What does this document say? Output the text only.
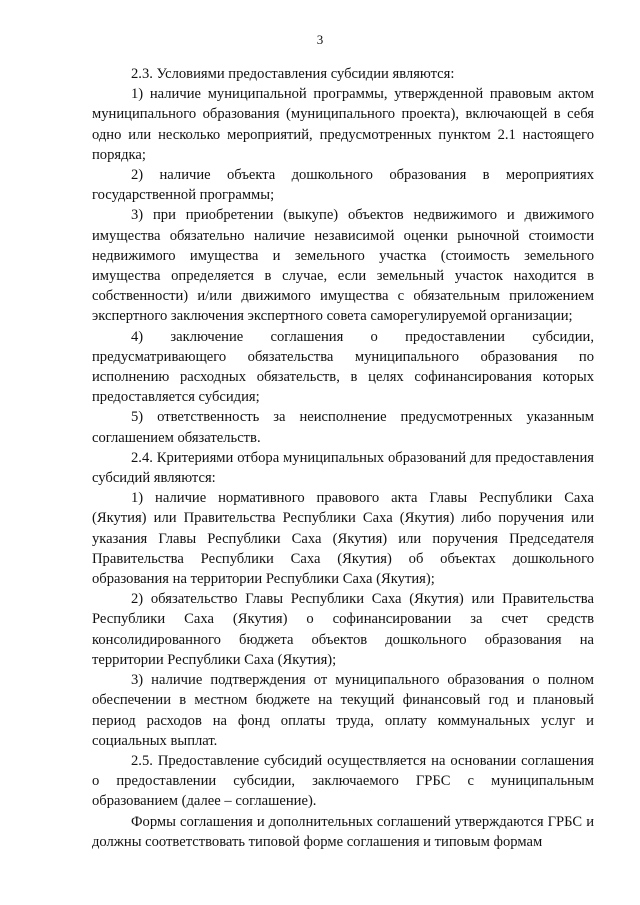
3

2.3. Условиями предоставления субсидии являются:

1) наличие муниципальной программы, утвержденной правовым актом муниципального образования (муниципального проекта), включающей в себя одно или несколько мероприятий, предусмотренных пунктом 2.1 настоящего порядка;

2) наличие объекта дошкольного образования в мероприятиях государственной программы;

3) при приобретении (выкупе) объектов недвижимого и движимого имущества обязательно наличие независимой оценки рыночной стоимости недвижимого имущества и земельного участка (стоимость земельного имущества определяется в случае, если земельный участок находится в собственности) и/или движимого имущества с обязательным приложением экспертного заключения экспертного совета саморегулируемой организации;

4) заключение соглашения о предоставлении субсидии, предусматривающего обязательства муниципального образования по исполнению расходных обязательств, в целях софинансирования которых предоставляется субсидия;

5) ответственность за неисполнение предусмотренных указанным соглашением обязательств.

2.4. Критериями отбора муниципальных образований для предоставления субсидий являются:

1) наличие нормативного правового акта Главы Республики Саха (Якутия) или Правительства Республики Саха (Якутия) либо поручения или указания Главы Республики Саха (Якутия) или поручения Председателя Правительства Республики Саха (Якутия) об объектах дошкольного образования на территории Республики Саха (Якутия);

2) обязательство Главы Республики Саха (Якутия) или Правительства Республики Саха (Якутия) о софинансировании за счет средств консолидированного бюджета объектов дошкольного образования на территории Республики Саха (Якутия);

3) наличие подтверждения от муниципального образования о полном обеспечении в местном бюджете на текущий финансовый год и плановый период расходов на фонд оплаты труда, оплату коммунальных услуг и социальных выплат.

2.5. Предоставление субсидий осуществляется на основании соглашения о предоставлении субсидии, заключаемого ГРБС с муниципальным образованием (далее – соглашение).

Формы соглашения и дополнительных соглашений утверждаются ГРБС и должны соответствовать типовой форме соглашения и типовым формам
